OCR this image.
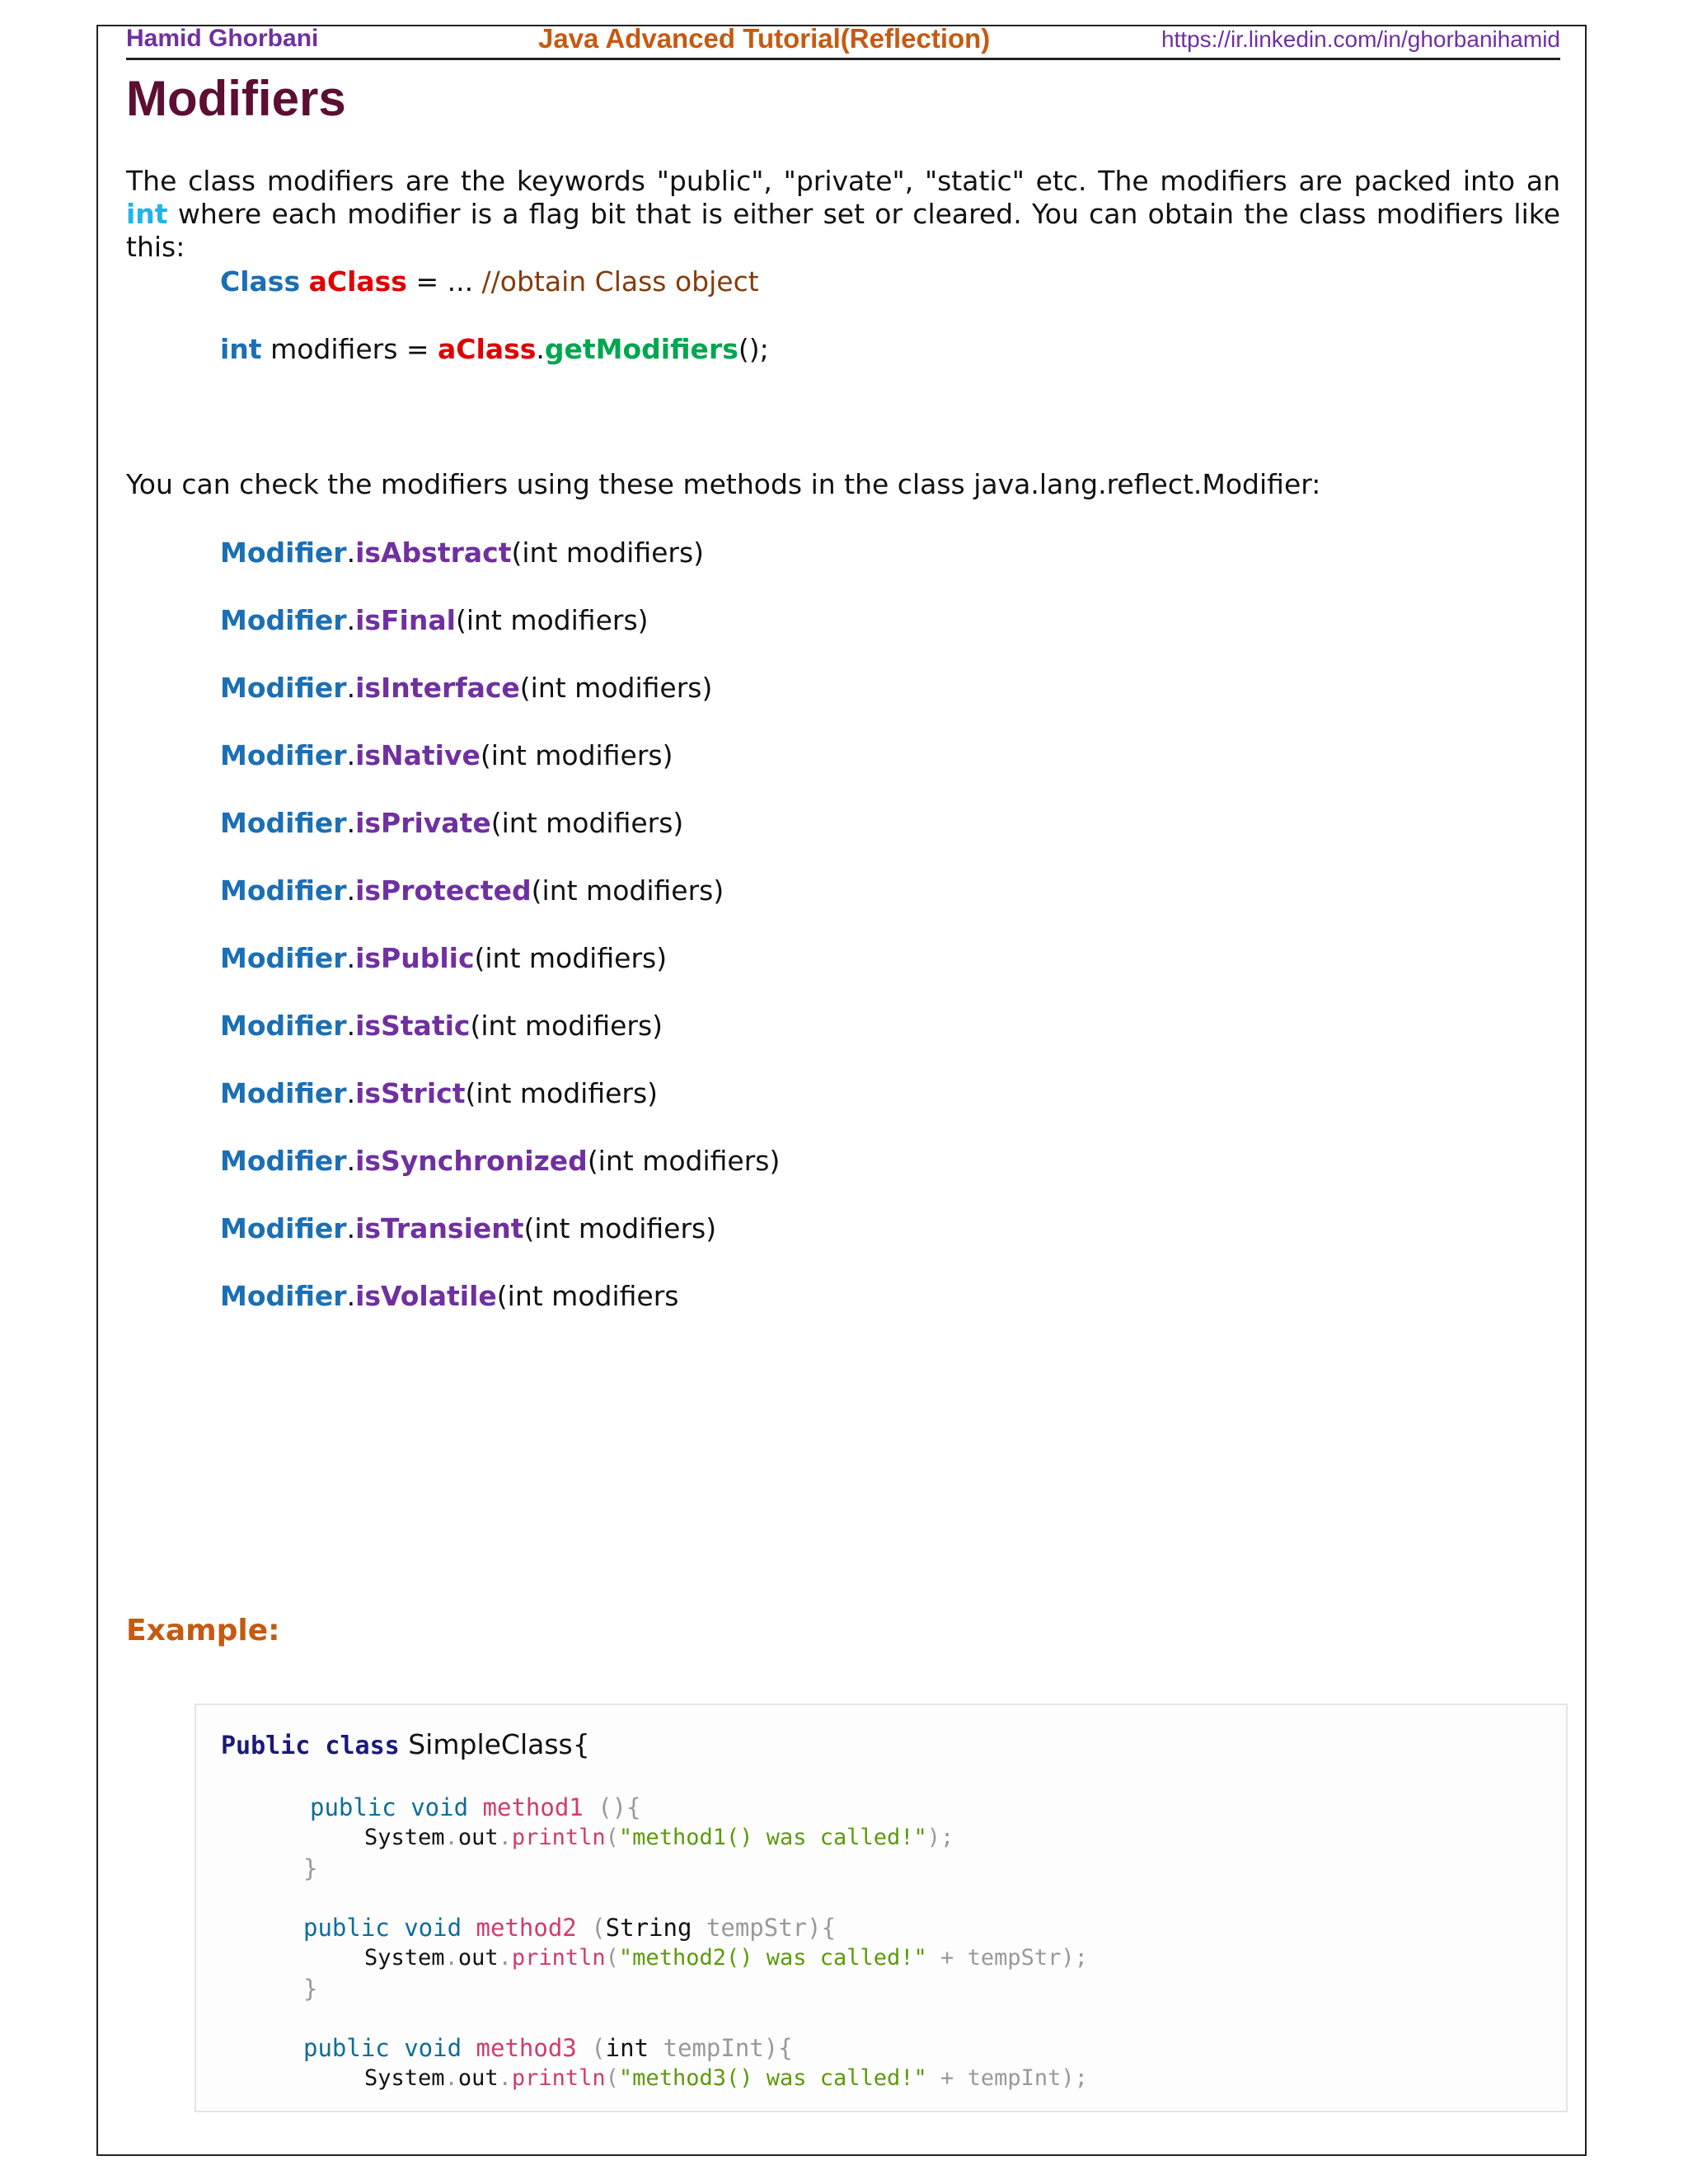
Hamid Ghorbani	Java Advanced Tutorial(Reflection)	https://ir.linkedin.com/in/ghorbanihamid
Modifiers

The class modifiers are the keywords "public", "private", "static" etc. The modifiers are packed into an int where each modifier is a flag bit that is either set or cleared. You can obtain the class modifiers like this:

Class aClass = ... //obtain Class object

int modifiers = aClass.getModifiers();

You can check the modifiers using these methods in the class java.lang.reflect.Modifier:

Modifier.isAbstract(int modifiers)

Modifier.isFinal(int modifiers)

Modifier.isInterface(int modifiers)

Modifier.isNative(int modifiers)

Modifier.isPrivate(int modifiers)

Modifier.isProtected(int modifiers)

Modifier.isPublic(int modifiers)

Modifier.isStatic(int modifiers)

Modifier.isStrict(int modifiers)

Modifier.isSynchronized(int modifiers)

Modifier.isTransient(int modifiers)

Modifier.isVolatile(int modifiers

Example:

Public class SimpleClass{

public void method1 (){

System.out.println("method1() was called!");

}

public void method2 (String tempStr){

System.out.println("method2() was called!" + tempStr);

}

public void method3 (int tempInt){

System.out.println("method3() was called!" + tempInt);
